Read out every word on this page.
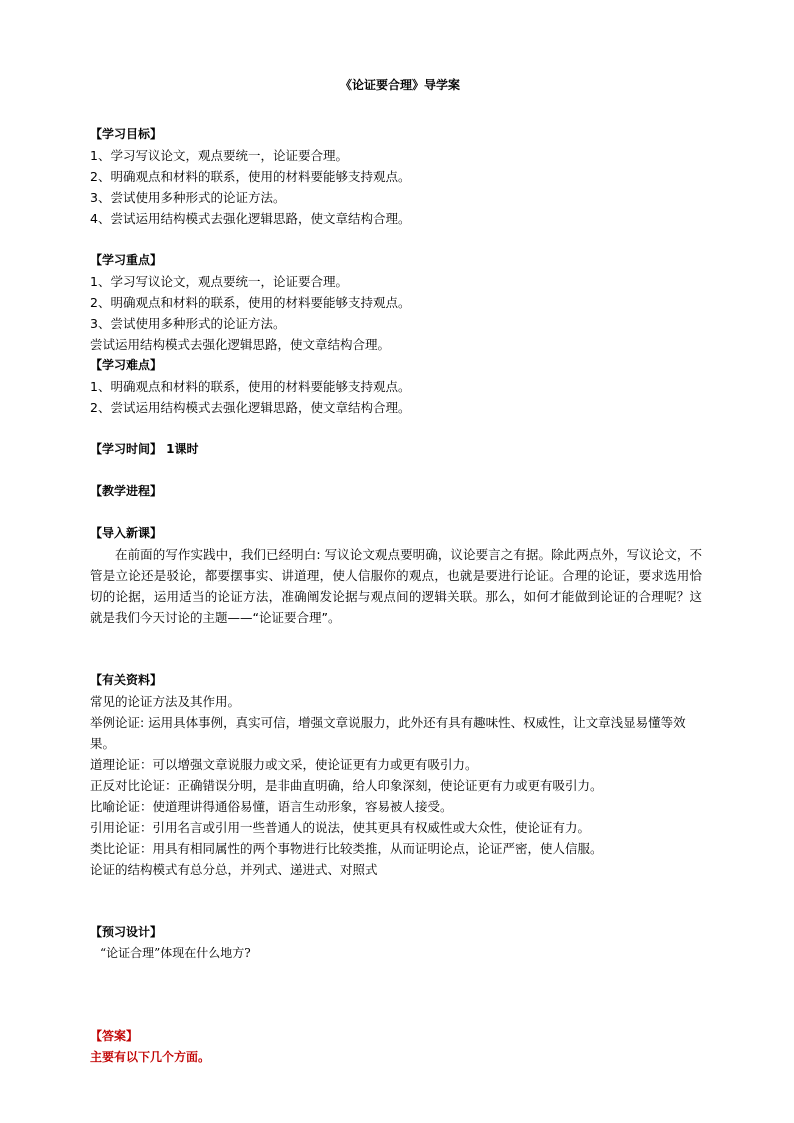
《论证要合理》导学案

【学习目标】

1、学习写议论文，观点要统一，论证要合理。

2、明确观点和材料的联系，使用的材料要能够支持观点。

3、尝试使用多种形式的论证方法。

4、尝试运用结构模式去强化逻辑思路，使文章结构合理。

【学习重点】

1、学习写议论文，观点要统一，论证要合理。

2、明确观点和材料的联系，使用的材料要能够支持观点。

3、尝试使用多种形式的论证方法。

尝试运用结构模式去强化逻辑思路，使文章结构合理。

【学习难点】

1、明确观点和材料的联系，使用的材料要能够支持观点。

2、尝试运用结构模式去强化逻辑思路，使文章结构合理。

【学习时间】 1课时

【教学进程】

【导入新课】

在前面的写作实践中，我们已经明白: 写议论文观点要明确，议论要言之有据。除此两点外，写议论文，不管是立论还是驳论，都要摆事实、讲道理，使人信服你的观点，也就是要进行论证。合理的论证，要求选用恰切的论据，运用适当的论证方法，准确阐发论据与观点间的逻辑关联。那么，如何才能做到论证的合理呢？这就是我们今天讨论的主题——“论证要合理”。

【有关资料】

常见的论证方法及其作用。

举例论证: 运用具体事例，真实可信，增强文章说服力，此外还有具有趣味性、权威性，让文章浅显易懂等效果。

道理论证：可以增强文章说服力或文采，使论证更有力或更有吸引力。

正反对比论证：正确错误分明，是非曲直明确，给人印象深刻，使论证更有力或更有吸引力。

比喻论证：使道理讲得通俗易懂，语言生动形象，容易被人接受。

引用论证：引用名言或引用一些普通人的说法，使其更具有权威性或大众性，使论证有力。

类比论证：用具有相同属性的两个事物进行比较类推，从而证明论点，论证严密，使人信服。

论证的结构模式有总分总，并列式、递进式、对照式

【预习设计】

“论证合理”体现在什么地方?

【答案】

主要有以下几个方面。
